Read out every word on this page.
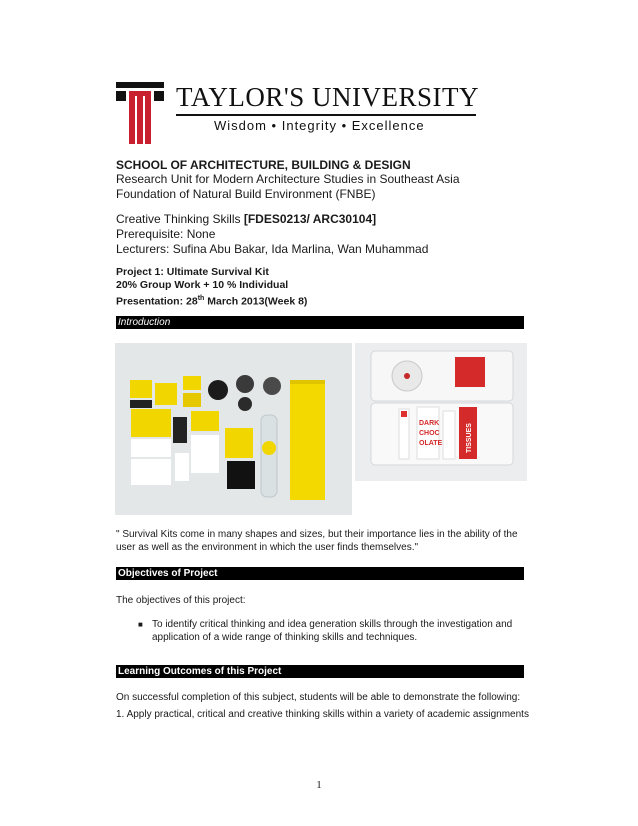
TAYLOR'S UNIVERSITY
Wisdom • Integrity • Excellence
SCHOOL OF ARCHITECTURE, BUILDING & DESIGN
Research Unit for Modern Architecture Studies in Southeast Asia
Foundation of Natural Build Environment (FNBE)
Creative Thinking Skills [FDES0213/ ARC30104]
Prerequisite: None
Lecturers: Sufina Abu Bakar, Ida Marlina, Wan Muhammad
Project 1: Ultimate Survival Kit
20% Group Work + 10 % Individual
Presentation: 28th March 2013(Week 8)
Introduction
DARK
CHOC
OLATE	TISSUES
" Survival Kits come in many shapes and sizes, but their importance lies in the ability of the user as well as the environment in which the user finds themselves."
Objectives of Project
The objectives of this project:
■ To identify critical thinking and idea generation skills through the investigation and application of a wide range of thinking skills and techniques.
Learning Outcomes of this Project
On successful completion of this subject, students will be able to demonstrate the following:
1. Apply practical, critical and creative thinking skills within a variety of academic assignments
1
